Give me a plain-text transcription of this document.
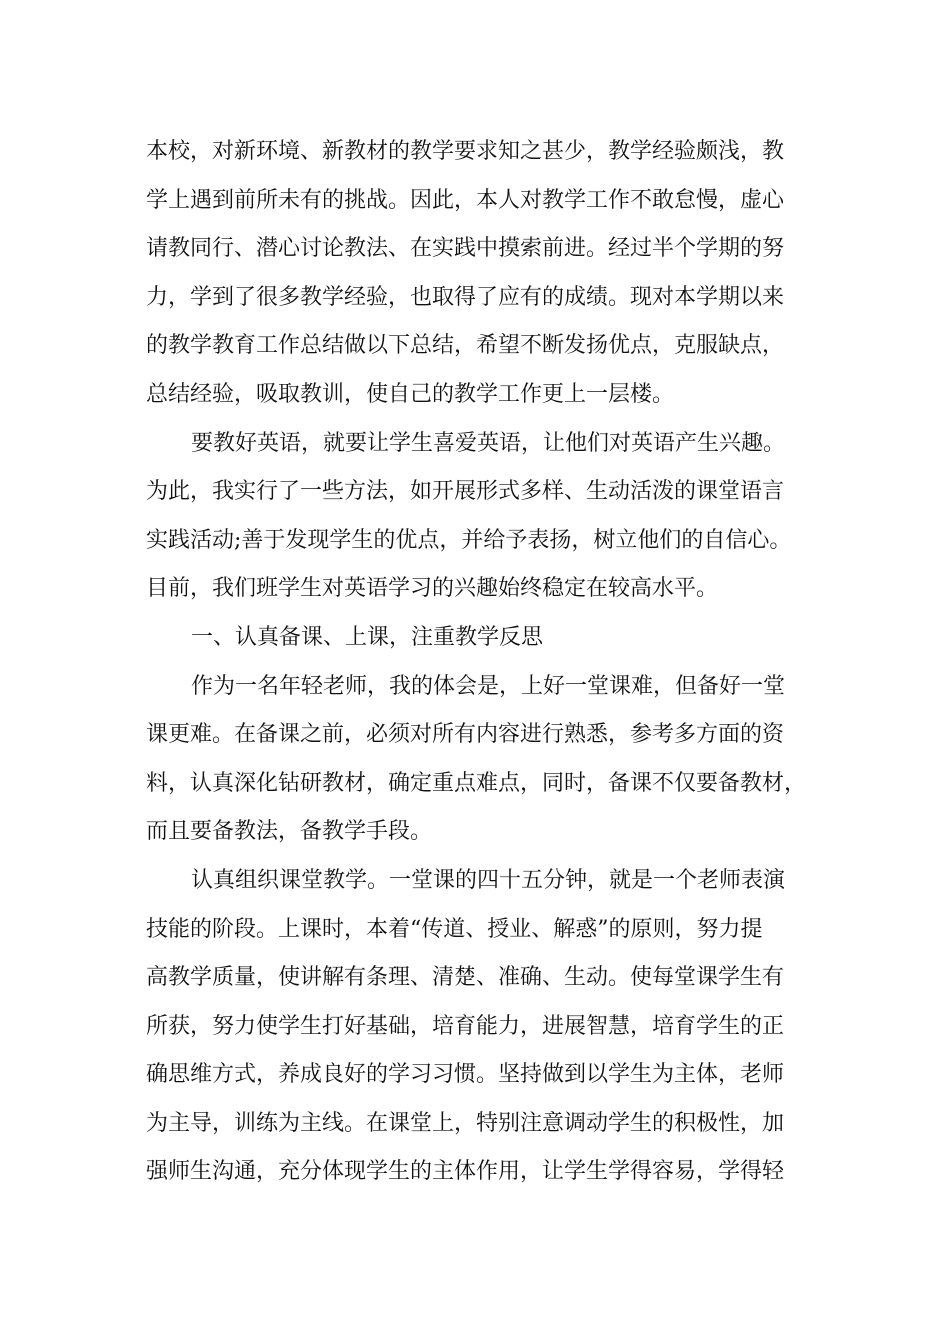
本校，对新环境、新教材的教学要求知之甚少，教学经验颇浅，教
学上遇到前所未有的挑战。因此，本人对教学工作不敢怠慢，虚心
请教同行、潜心讨论教法、在实践中摸索前进。经过半个学期的努
力，学到了很多教学经验，也取得了应有的成绩。现对本学期以来
的教学教育工作总结做以下总结，希望不断发扬优点，克服缺点，
总结经验，吸取教训，使自己的教学工作更上一层楼。
要教好英语，就要让学生喜爱英语，让他们对英语产生兴趣。
为此，我实行了一些方法，如开展形式多样、生动活泼的课堂语言
实践活动;善于发现学生的优点，并给予表扬，树立他们的自信心。
目前，我们班学生对英语学习的兴趣始终稳定在较高水平。
一、认真备课、上课，注重教学反思
作为一名年轻老师，我的体会是，上好一堂课难，但备好一堂
课更难。在备课之前，必须对所有内容进行熟悉，参考多方面的资
料，认真深化钻研教材，确定重点难点，同时，备课不仅要备教材，
而且要备教法，备教学手段。
认真组织课堂教学。一堂课的四十五分钟，就是一个老师表演
技能的阶段。上课时，本着“传道、授业、解惑”的原则，努力提
高教学质量，使讲解有条理、清楚、准确、生动。使每堂课学生有
所获，努力使学生打好基础，培育能力，进展智慧，培育学生的正
确思维方式，养成良好的学习习惯。坚持做到以学生为主体，老师
为主导，训练为主线。在课堂上，特别注意调动学生的积极性，加
强师生沟通，充分体现学生的主体作用，让学生学得容易，学得轻
